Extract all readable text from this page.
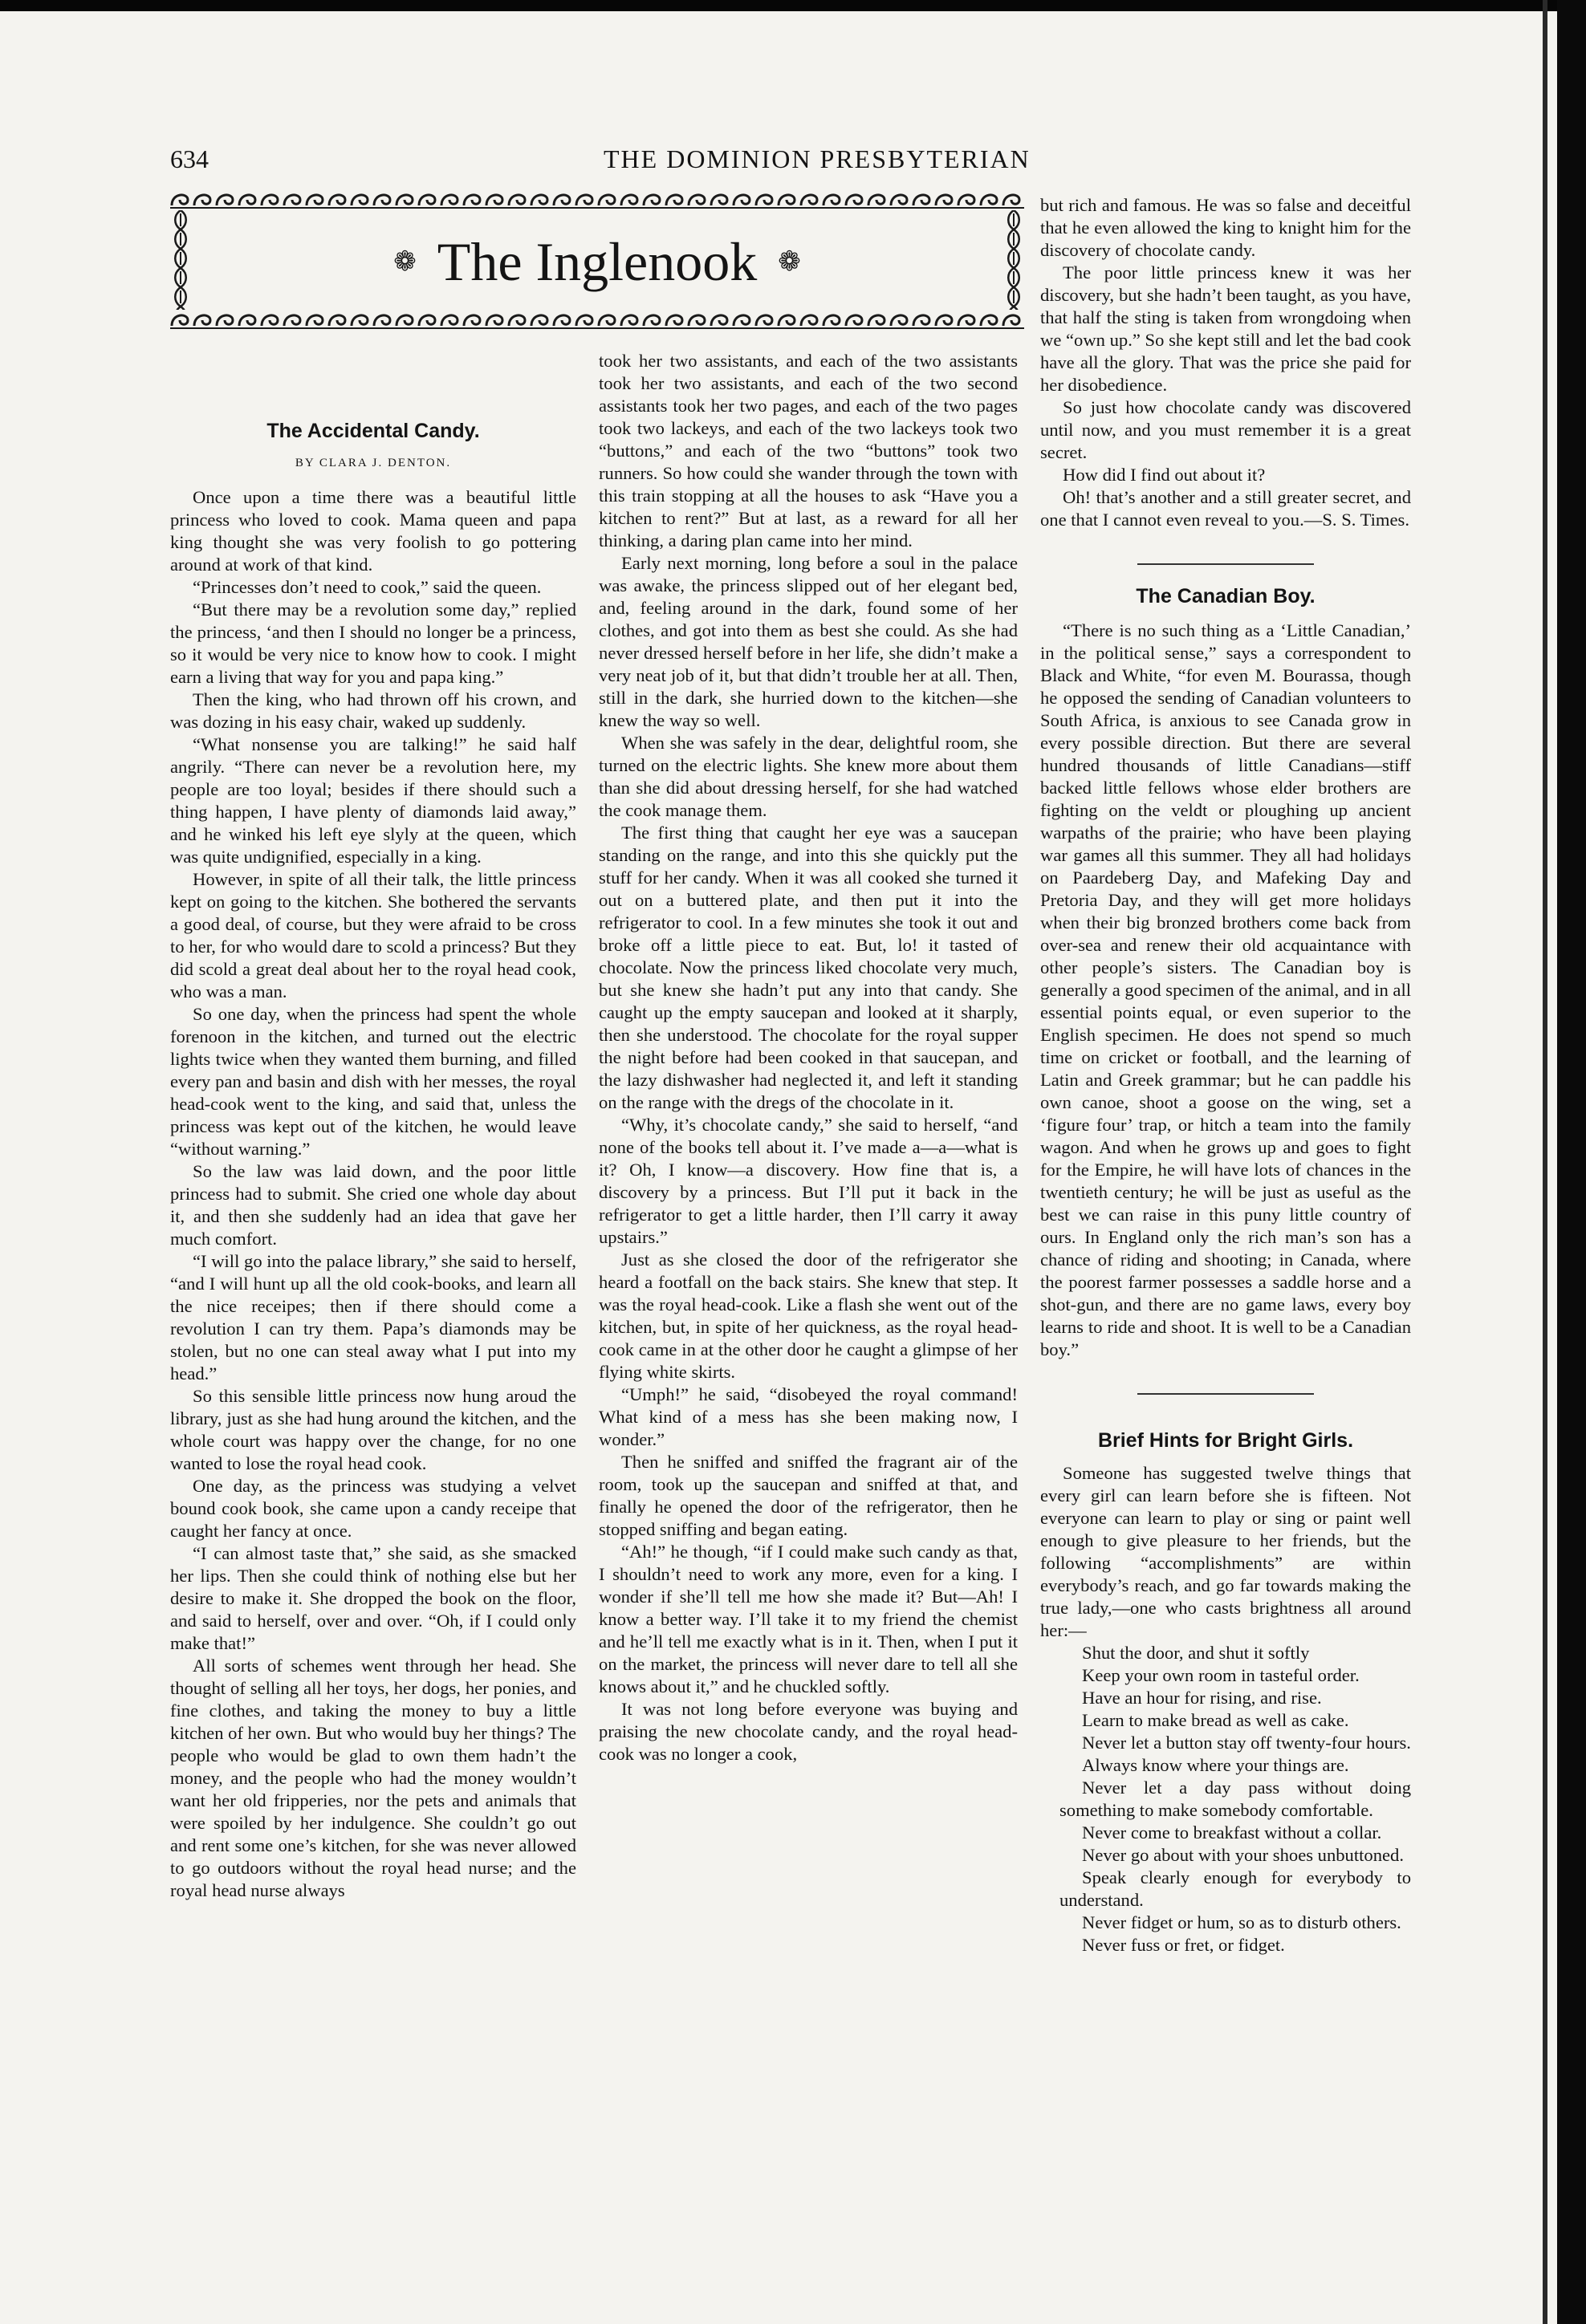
634	THE DOMINION PRESBYTERIAN
❁ The Inglenook ❁
The Accidental Candy.
BY CLARA J. DENTON.

Once upon a time there was a beautiful little princess who loved to cook. Mama queen and papa king thought she was very foolish to go pottering around at work of that kind.

“Princesses don’t need to cook,” said the queen.

“But there may be a revolution some day,” replied the princess, ‘and then I should no longer be a princess, so it would be very nice to know how to cook. I might earn a living that way for you and papa king.”

Then the king, who had thrown off his crown, and was dozing in his easy chair, waked up suddenly.

“What nonsense you are talking!” he said half angrily. “There can never be a revolution here, my people are too loyal; besides if there should such a thing happen, I have plenty of diamonds laid away,” and he winked his left eye slyly at the queen, which was quite undignified, especially in a king.

However, in spite of all their talk, the little princess kept on going to the kitchen. She bothered the servants a good deal, of course, but they were afraid to be cross to her, for who would dare to scold a princess? But they did scold a great deal about her to the royal head cook, who was a man.

So one day, when the princess had spent the whole forenoon in the kitchen, and turned out the electric lights twice when they wanted them burning, and filled every pan and basin and dish with her messes, the royal head-cook went to the king, and said that, unless the princess was kept out of the kitchen, he would leave “without warning.”

So the law was laid down, and the poor little princess had to submit. She cried one whole day about it, and then she suddenly had an idea that gave her much comfort.

“I will go into the palace library,” she said to herself, “and I will hunt up all the old cook-books, and learn all the nice receipes; then if there should come a revolution I can try them. Papa’s diamonds may be stolen, but no one can steal away what I put into my head.”

So this sensible little princess now hung aroud the library, just as she had hung around the kitchen, and the whole court was happy over the change, for no one wanted to lose the royal head cook.

One day, as the princess was studying a velvet bound cook book, she came upon a candy receipe that caught her fancy at once.

“I can almost taste that,” she said, as she smacked her lips. Then she could think of nothing else but her desire to make it. She dropped the book on the floor, and said to herself, over and over. “Oh, if I could only make that!”

All sorts of schemes went through her head. She thought of selling all her toys, her dogs, her ponies, and fine clothes, and taking the money to buy a little kitchen of her own. But who would buy her things? The people who would be glad to own them hadn’t the money, and the people who had the money wouldn’t want her old fripperies, nor the pets and animals that were spoiled by her indulgence. She couldn’t go out and rent some one’s kitchen, for she was never allowed to go outdoors without the royal head nurse; and the royal head nurse always

took her two assistants, and each of the two assistants took her two assistants, and each of the two second assistants took her two pages, and each of the two pages took two lackeys, and each of the two lackeys took two “buttons,” and each of the two “buttons” took two runners. So how could she wander through the town with this train stopping at all the houses to ask “Have you a kitchen to rent?” But at last, as a reward for all her thinking, a daring plan came into her mind.

Early next morning, long before a soul in the palace was awake, the princess slipped out of her elegant bed, and, feeling around in the dark, found some of her clothes, and got into them as best she could. As she had never dressed herself before in her life, she didn’t make a very neat job of it, but that didn’t trouble her at all. Then, still in the dark, she hurried down to the kitchen—she knew the way so well.

When she was safely in the dear, delightful room, she turned on the electric lights. She knew more about them than she did about dressing herself, for she had watched the cook manage them.

The first thing that caught her eye was a saucepan standing on the range, and into this she quickly put the stuff for her candy. When it was all cooked she turned it out on a buttered plate, and then put it into the refrigerator to cool. In a few minutes she took it out and broke off a little piece to eat. But, lo! it tasted of chocolate. Now the princess liked chocolate very much, but she knew she hadn’t put any into that candy. She caught up the empty saucepan and looked at it sharply, then she understood. The chocolate for the royal supper the night before had been cooked in that saucepan, and the lazy dishwasher had neglected it, and left it standing on the range with the dregs of the chocolate in it.

“Why, it’s chocolate candy,” she said to herself, “and none of the books tell about it. I’ve made a—a—what is it? Oh, I know—a discovery. How fine that is, a discovery by a princess. But I’ll put it back in the refrigerator to get a little harder, then I’ll carry it away upstairs.”

Just as she closed the door of the refrigerator she heard a footfall on the back stairs. She knew that step. It was the royal head-cook. Like a flash she went out of the kitchen, but, in spite of her quickness, as the royal head-cook came in at the other door he caught a glimpse of her flying white skirts.

“Umph!” he said, “disobeyed the royal command! What kind of a mess has she been making now, I wonder.”

Then he sniffed and sniffed the fragrant air of the room, took up the saucepan and sniffed at that, and finally he opened the door of the refrigerator, then he stopped sniffing and began eating.

“Ah!” he though, “if I could make such candy as that, I shouldn’t need to work any more, even for a king. I wonder if she’ll tell me how she made it? But—Ah! I know a better way. I’ll take it to my friend the chemist and he’ll tell me exactly what is in it. Then, when I put it on the market, the princess will never dare to tell all she knows about it,” and he chuckled softly.

It was not long before everyone was buying and praising the new chocolate candy, and the royal head-cook was no longer a cook,

but rich and famous. He was so false and deceitful that he even allowed the king to knight him for the discovery of chocolate candy.

The poor little princess knew it was her discovery, but she hadn’t been taught, as you have, that half the sting is taken from wrongdoing when we “own up.” So she kept still and let the bad cook have all the glory. That was the price she paid for her disobedience.

So just how chocolate candy was discovered until now, and you must remember it is a great secret.

How did I find out about it?

Oh! that’s another and a still greater secret, and one that I cannot even reveal to you.—S. S. Times.

The Canadian Boy.

“There is no such thing as a ‘Little Canadian,’ in the political sense,” says a correspondent to Black and White, “for even M. Bourassa, though he opposed the sending of Canadian volunteers to South Africa, is anxious to see Canada grow in every possible direction. But there are several hundred thousands of little Canadians—stiff backed little fellows whose elder brothers are fighting on the veldt or ploughing up ancient warpaths of the prairie; who have been playing war games all this summer. They all had holidays on Paardeberg Day, and Mafeking Day and Pretoria Day, and they will get more holidays when their big bronzed brothers come back from over-sea and renew their old acquaintance with other people’s sisters. The Canadian boy is generally a good specimen of the animal, and in all essential points equal, or even superior to the English specimen. He does not spend so much time on cricket or football, and the learning of Latin and Greek grammar; but he can paddle his own canoe, shoot a goose on the wing, set a ‘figure four’ trap, or hitch a team into the family wagon. And when he grows up and goes to fight for the Empire, he will have lots of chances in the twentieth century; he will be just as useful as the best we can raise in this puny little country of ours. In England only the rich man’s son has a chance of riding and shooting; in Canada, where the poorest farmer possesses a saddle horse and a shot-gun, and there are no game laws, every boy learns to ride and shoot. It is well to be a Canadian boy.”

Brief Hints for Bright Girls.

Someone has suggested twelve things that every girl can learn before she is fifteen. Not everyone can learn to play or sing or paint well enough to give pleasure to her friends, but the following “accomplishments” are within everybody’s reach, and go far towards making the true lady,—one who casts brightness all around her:—

Shut the door, and shut it softly

Keep your own room in tasteful order.

Have an hour for rising, and rise.

Learn to make bread as well as cake.

Never let a button stay off twenty-four hours.

Always know where your things are.

Never let a day pass without doing something to make somebody comfortable.

Never come to breakfast without a collar.

Never go about with your shoes unbuttoned.

Speak clearly enough for everybody to understand.

Never fidget or hum, so as to disturb others.

Never fuss or fret, or fidget.
